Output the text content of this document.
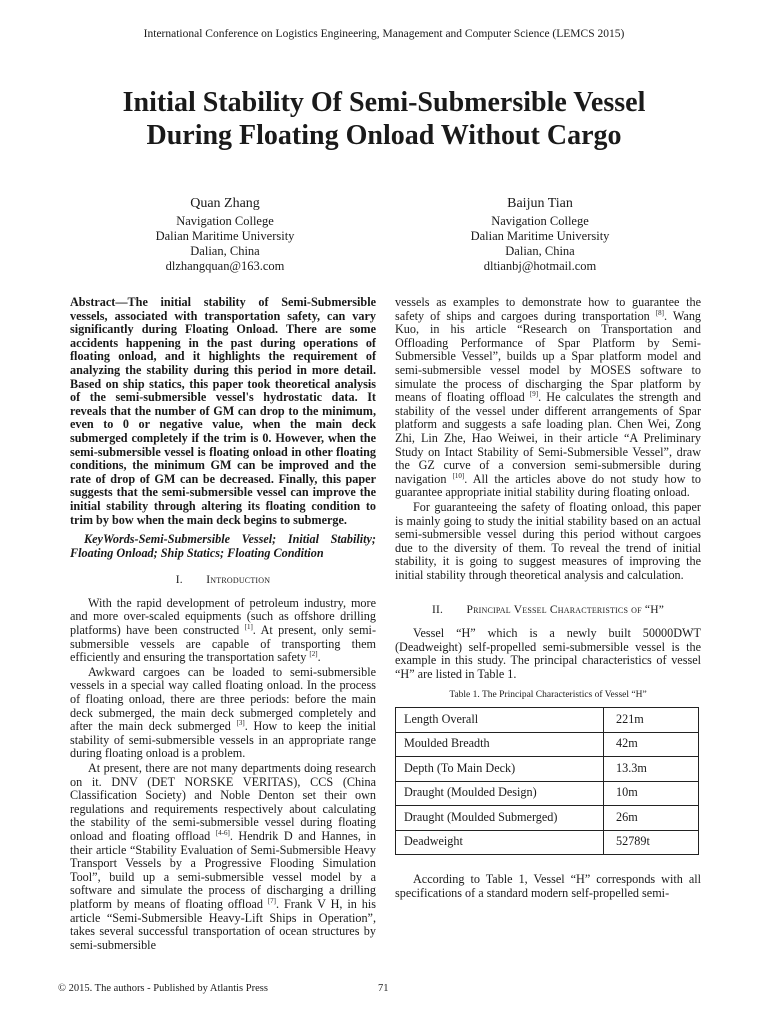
International Conference on Logistics Engineering, Management and Computer Science (LEMCS 2015)
Initial Stability Of Semi-Submersible Vessel
During Floating Onload Without Cargo
Quan Zhang
Navigation College
Dalian Maritime University
Dalian, China
dlzhangquan@163.com
Baijun Tian
Navigation College
Dalian Maritime University
Dalian, China
dltianbj@hotmail.com

Abstract—The initial stability of Semi-Submersible vessels, associated with transportation safety, can vary significantly during Floating Onload. There are some accidents happening in the past during operations of floating onload, and it highlights the requirement of analyzing the stability during this period in more detail. Based on ship statics, this paper took theoretical analysis of the semi-submersible vessel's hydrostatic data. It reveals that the number of GM can drop to the minimum, even to 0 or negative value, when the main deck submerged completely if the trim is 0. However, when the semi-submersible vessel is floating onload in other floating conditions, the minimum GM can be improved and the rate of drop of GM can be decreased. Finally, this paper suggests that the semi-submersible vessel can improve the initial stability through altering its floating condition to trim by bow when the main deck begins to submerge.

KeyWords-Semi-Submersible Vessel; Initial Stability; Floating Onload; Ship Statics; Floating Condition

I.  Introduction

With the rapid development of petroleum industry, more and more over-scaled equipments (such as offshore drilling platforms) have been constructed [1]. At present, only semi-submersible vessels are capable of transporting them efficiently and ensuring the transportation safety [2].

Awkward cargoes can be loaded to semi-submersible vessels in a special way called floating onload. In the process of floating onload, there are three periods: before the main deck submerged, the main deck submerged completely and after the main deck submerged [3]. How to keep the initial stability of semi-submersible vessels in an appropriate range during floating onload is a problem.

At present, there are not many departments doing research on it. DNV (DET NORSKE VERITAS), CCS (China Classification Society) and Noble Denton set their own regulations and requirements respectively about calculating the stability of the semi-submersible vessel during floating onload and floating offload [4-6]. Hendrik D and Hannes, in their article “Stability Evaluation of Semi-Submersible Heavy Transport Vessels by a Progressive Flooding Simulation Tool”, build up a semi-submersible vessel model by a software and simulate the process of discharging a drilling platform by means of floating offload [7]. Frank V H, in his article “Semi-Submersible Heavy-Lift Ships in Operation”, takes several successful transportation of ocean structures by semi-submersible

vessels as examples to demonstrate how to guarantee the safety of ships and cargoes during transportation [8]. Wang Kuo, in his article “Research on Transportation and Offloading Performance of Spar Platform by Semi-Submersible Vessel”, builds up a Spar platform model and semi-submersible vessel model by MOSES software to simulate the process of discharging the Spar platform by means of floating offload [9]. He calculates the strength and stability of the vessel under different arrangements of Spar platform and suggests a safe loading plan. Chen Wei, Zong Zhi, Lin Zhe, Hao Weiwei, in their article “A Preliminary Study on Intact Stability of Semi-Submersible Vessel”, draw the GZ curve of a conversion semi-submersible during navigation [10]. All the articles above do not study how to guarantee appropriate initial stability during floating onload.

For guaranteeing the safety of floating onload, this paper is mainly going to study the initial stability based on an actual semi-submersible vessel during this period without cargoes due to the diversity of them. To reveal the trend of initial stability, it is going to suggest measures of improving the initial stability through theoretical analysis and calculation.

II.  Principal Vessel Characteristics of “H”

Vessel “H” which is a newly built 50000DWT (Deadweight) self-propelled semi-submersible vessel is the example in this study. The principal characteristics of vessel “H” are listed in Table 1.

Table 1. The Principal Characteristics of Vessel “H”
Length Overall	221m
Moulded Breadth	42m
Depth (To Main Deck)	13.3m
Draught (Moulded Design)	10m
Draught (Moulded Submerged)	26m
Deadweight	52789t

According to Table 1, Vessel “H” corresponds with all specifications of a standard modern self-propelled semi-

© 2015. The authors - Published by Atlantis Press	71
